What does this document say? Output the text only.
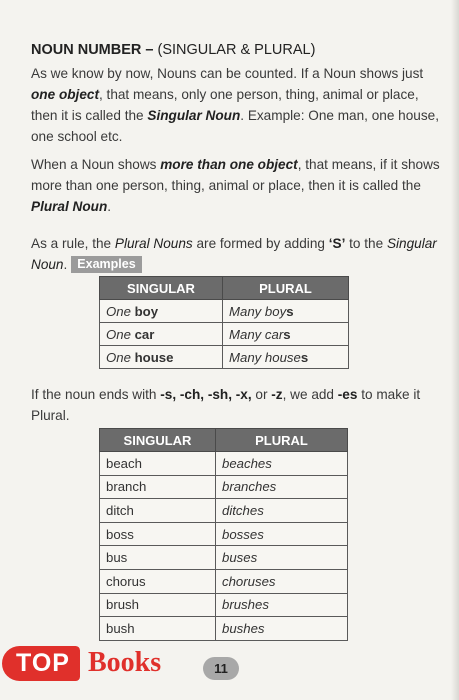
NOUN NUMBER – (SINGULAR & PLURAL)
As we know by now, Nouns can be counted. If a Noun shows just one object, that means, only one person, thing, animal or place, then it is called the Singular Noun. Example: One man, one house, one school etc.
When a Noun shows more than one object, that means, if it shows more than one person, thing, animal or place, then it is called the Plural Noun.
As a rule, the Plural Nouns are formed by adding ‘S’ to the Singular Noun. Examples
SINGULAR	PLURAL
One boy	Many boys
One car	Many cars
One house	Many houses
If the noun ends with -s, -ch, -sh, -x, or -z, we add -es to make it Plural.
SINGULAR	PLURAL
beach	beaches
branch	branches
ditch	ditches
boss	bosses
bus	buses
chorus	choruses
brush	brushes
bush	bushes
TOP Books	11
